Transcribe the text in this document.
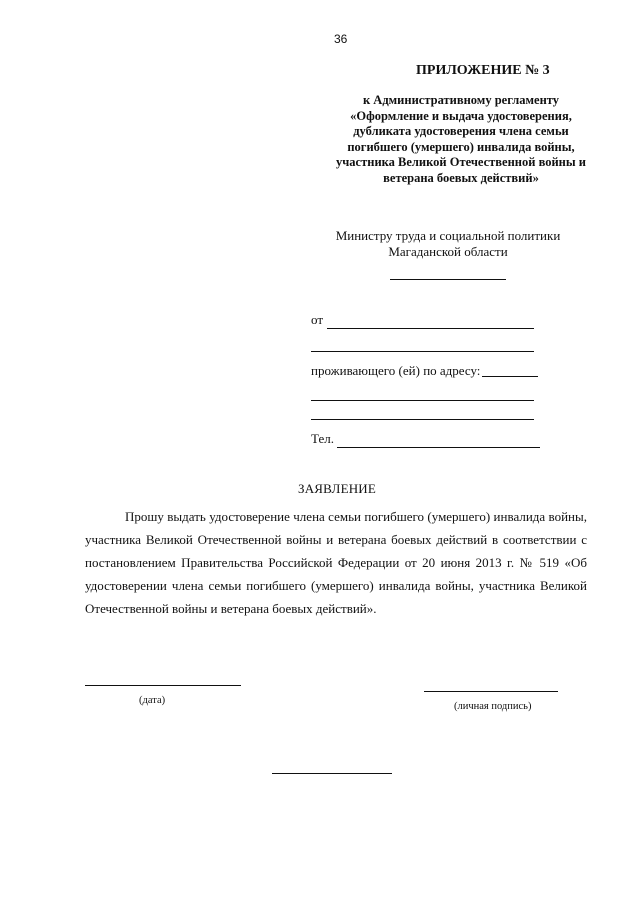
36
ПРИЛОЖЕНИЕ № 3
к Административному регламенту
«Оформление и выдача удостоверения,
дубликата удостоверения члена семьи
погибшего (умершего) инвалида войны,
участника Великой Отечественной войны и
ветерана боевых действий»
Министру труда и социальной политики
Магаданской области
от
проживающего (ей) по адресу:
Тел.
ЗАЯВЛЕНИЕ

Прошу выдать удостоверение члена семьи погибшего (умершего) инвалида войны, участника Великой Отечественной войны и ветерана боевых действий в соответствии с постановлением Правительства Российской Федерации от 20 июня 2013 г. № 519 «Об удостоверении члена семьи погибшего (умершего) инвалида войны, участника Великой Отечественной войны и ветерана боевых действий».

(дата)
(личная подпись)
